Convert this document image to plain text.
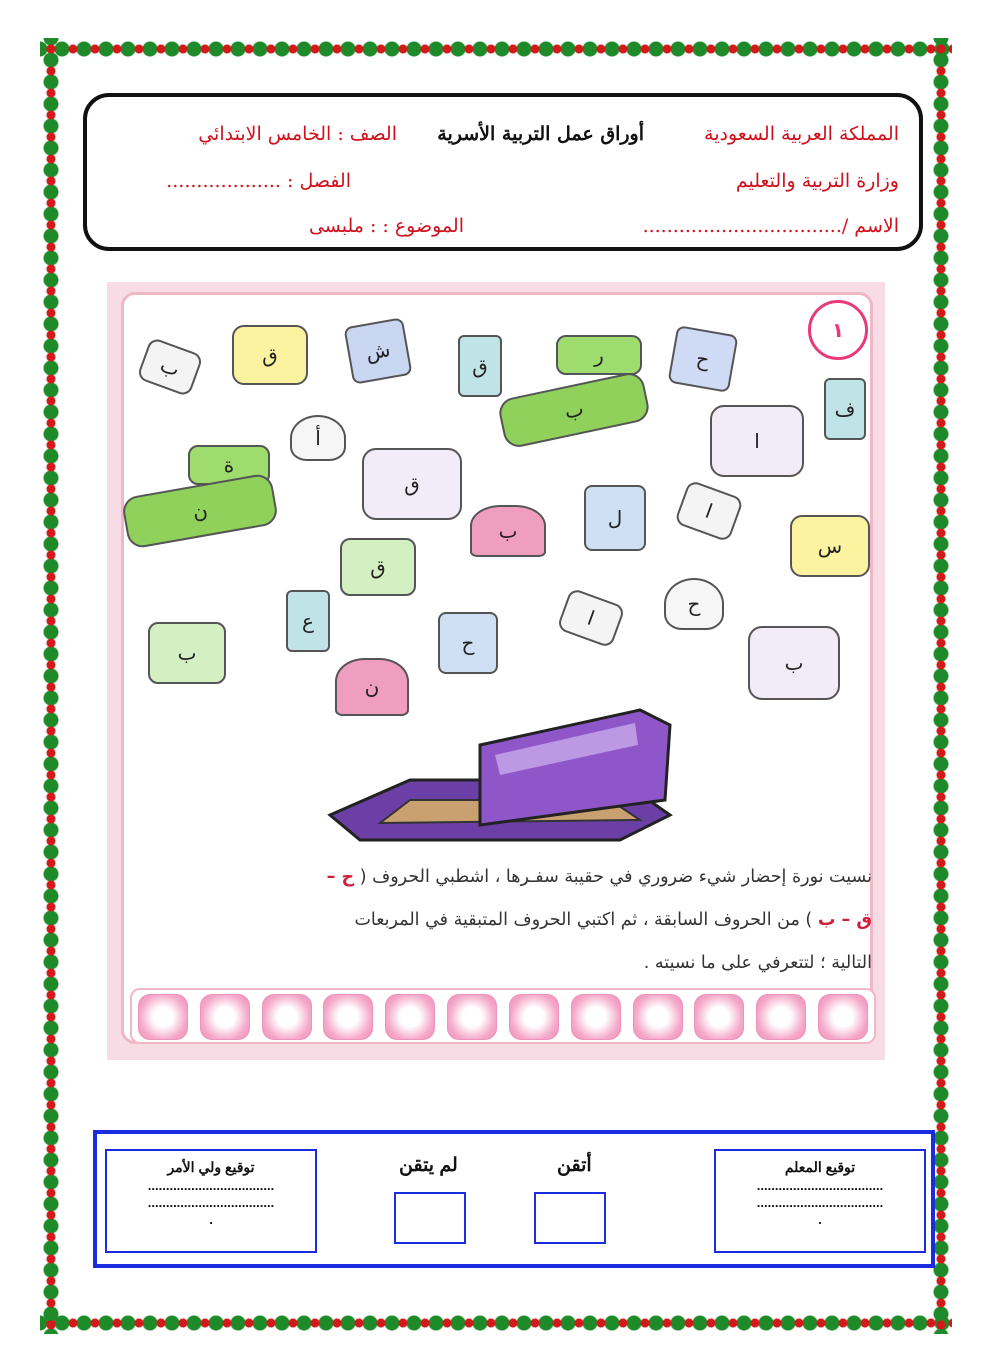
المملكة العربية السعودية
أوراق عمل التربية الأسرية
الصف : الخامس الابتدائي
وزارة التربية والتعليم
الفصل : ...................
الاسم /.................................
الموضوع : : ملبسى
١
ب	ق	ش
ق	ر	ح
ف
ب
أ	ا
ة
ق
ن	ل
ب
ا
س
ق
ح
ع
ح
ا
ب
ن
ب
نسيت نورة إحضار شيء ضروري في حقيبة سفـرها ، اشطبي الحروف ( ح –
ق – ب ) من الحروف السابقة ، ثم اكتبي الحروف المتبقية في المربعات
التالية ؛ لتتعرفي على ما نسيته .
توقيع ولي الأمر
...................................
...................................
.
لم يتقن	أتقن	توقيع المعلم
...................................
...................................
.
